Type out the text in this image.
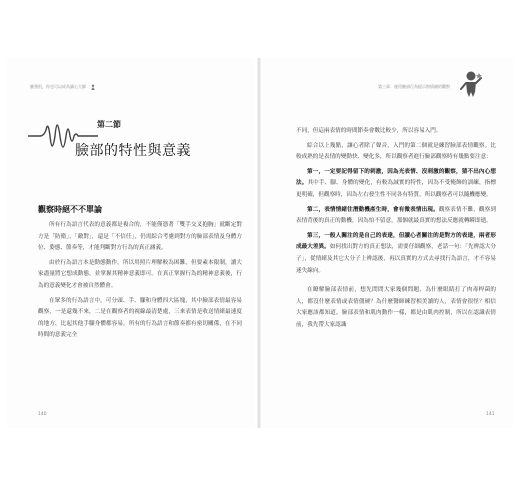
臉書很，你也可以成為讀心大師	第三章：運用臉部行為提示察情緒的觀察
第二節
臉部的特性與意義
觀察時絕不不單論

所有行為語言代表的意義都是複合的，不能僅憑著「雙手交叉抱胸」就斷定對方是「防衛」、「敵對」，還是「不信任」，仍需綜合考慮到對方的臉部表情及身體方位、姿態、節奏等，才能判斷對方行為的真正涵義。

由於行為語言本是動態動作，所以用照片理解較為困難，但要素本限制，讀大家盡量將它想成動態，並掌握其精神意義即可。在真正掌握行為的精神意義後，行為的意義變化才會被自然體會。

在眾多的行為語言中，可分頭、手、腳和身體四大區塊，其中臉部表情最容易觀察，一是還幾不來，二是在觀察者的視線最清楚處，三來表情是收送情緒最速度的地方，比起其他手腳身體都容易。所有的行為語言和節奏都有密切關係，在不同時間的意義完全

不同，但這兩表情的時間節奏會數比較少，所以容易入門。

綜合以上幾點，讓心者除了聲音，入門的第二個就是練習臉部表情觀察。比較成熟的是表情的變動快、變化多，所以觀察者進行臉部觀察時有幾點要注意：

第一，一定要記得留下的刺激，因為光表情、沒刺激的觀察，猜不出內心想法。其中手、腳、身體的變化，有較為誠實的特性，因為不受掩飾的訓練，指標更明確，但觀察時，因為左右發生性不同各有特質，所以觀察者可以隨機應變。

第二，表情情緒往潛動機產生時，會有微表情出現。觀察表情不難，觀察到表情背後的真正的動機，因為怕不留意，那個就最真實的想法反應就轉瞬即逝。

第三，一般人關注的是自己的表達，但讀心者關注的是對方的表達，兩者形成最大差異。如何找出對方的真正想法，需要仔細觀察，老話一句：「先辨認大分子」，從情緒及其它大分子上辨認後，再以真實的方式去尋找行為語言，才不容易迷失線向。

在瞭解臉部表情前，想先問問大家幾個問題，為什麼眼睛打了肉毒桿菌的人，都沒什麼表情或表情僵硬？為什麼醫師練習相美讀的人，表情會很怪？相信大家應該都知道，臉部表情和肌肉動作一樣，都是由肌肉控制，所以在認識表情前，我先帶大家認識

140	141
